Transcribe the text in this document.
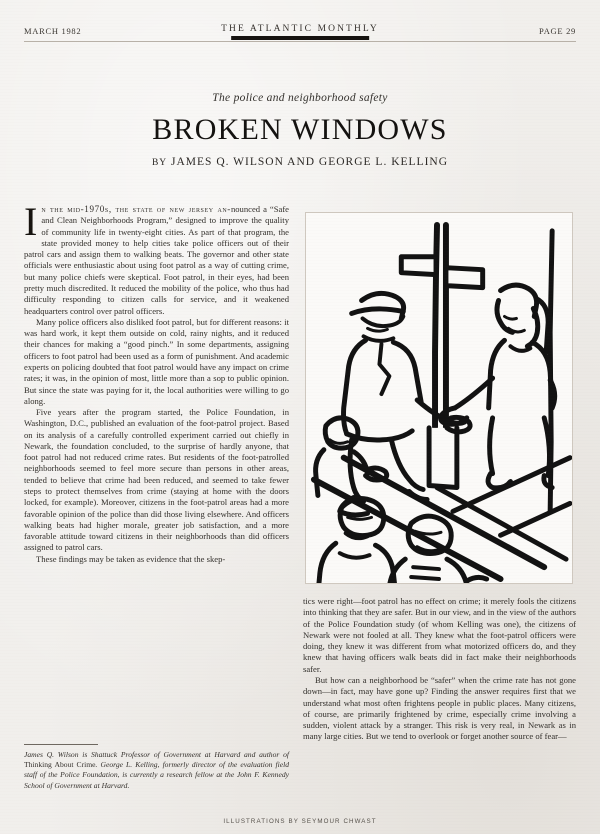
MARCH 1982	THE ATLANTIC MONTHLY	PAGE 29
The police and neighborhood safety
BROKEN WINDOWS
BY JAMES Q. WILSON AND GEORGE L. KELLING

In the mid-1970s, the state of new jersey an-nounced a “Safe and Clean Neighborhoods Program,” designed to improve the quality of community life in twenty-eight cities. As part of that program, the state provided money to help cities take police officers out of their patrol cars and assign them to walking beats. The governor and other state officials were enthusiastic about using foot patrol as a way of cutting crime, but many police chiefs were skeptical. Foot patrol, in their eyes, had been pretty much discredited. It reduced the mobility of the police, who thus had difficulty responding to citizen calls for service, and it weakened headquarters control over patrol officers.

Many police officers also disliked foot patrol, but for different reasons: it was hard work, it kept them outside on cold, rainy nights, and it reduced their chances for making a “good pinch.” In some departments, assigning officers to foot patrol had been used as a form of punishment. And academic experts on policing doubted that foot patrol would have any impact on crime rates; it was, in the opinion of most, little more than a sop to public opinion. But since the state was paying for it, the local authorities were willing to go along.

Five years after the program started, the Police Foundation, in Washington, D.C., published an evaluation of the foot-patrol project. Based on its analysis of a carefully controlled experiment carried out chiefly in Newark, the foundation concluded, to the surprise of hardly anyone, that foot patrol had not reduced crime rates. But residents of the foot-patrolled neighborhoods seemed to feel more secure than persons in other areas, tended to believe that crime had been reduced, and seemed to take fewer steps to protect themselves from crime (staying at home with the doors locked, for example). Moreover, citizens in the foot-patrol areas had a more favorable opinion of the police than did those living elsewhere. And officers walking beats had higher morale, greater job satisfaction, and a more favorable attitude toward citizens in their neighborhoods than did officers assigned to patrol cars.

These findings may be taken as evidence that the skep-

tics were right—foot patrol has no effect on crime; it merely fools the citizens into thinking that they are safer. But in our view, and in the view of the authors of the Police Foundation study (of whom Kelling was one), the citizens of Newark were not fooled at all. They knew what the foot-patrol officers were doing, they knew it was different from what motorized officers do, and they knew that having officers walk beats did in fact make their neighborhoods safer.

But how can a neighborhood be “safer” when the crime rate has not gone down—in fact, may have gone up? Finding the answer requires first that we understand what most often frightens people in public places. Many citizens, of course, are primarily frightened by crime, especially crime involving a sudden, violent attack by a stranger. This risk is very real, in Newark as in many large cities. But we tend to overlook or forget another source of fear—

James Q. Wilson is Shattuck Professor of Government at Harvard and author of Thinking About Crime. George L. Kelling, formerly director of the evaluation field staff of the Police Foundation, is currently a research fellow at the John F. Kennedy School of Government at Harvard.
ILLUSTRATIONS BY SEYMOUR CHWAST
